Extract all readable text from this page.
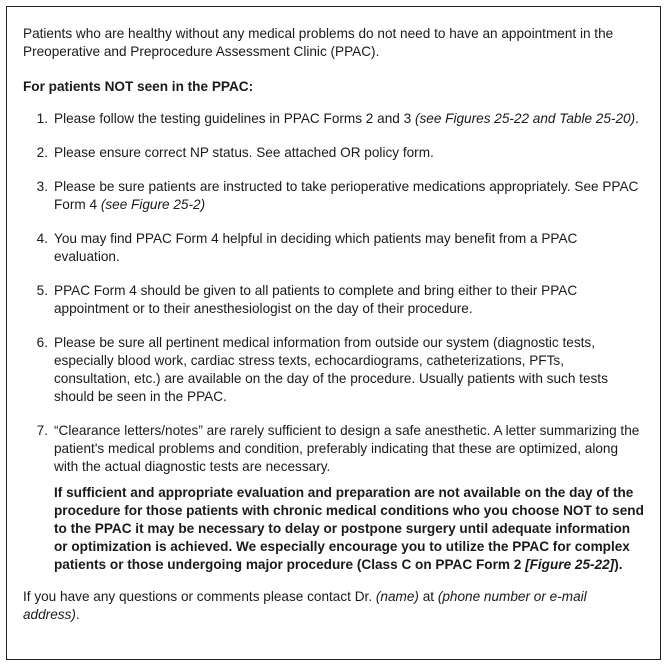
Patients who are healthy without any medical problems do not need to have an appointment in the Preoperative and Preprocedure Assessment Clinic (PPAC).

For patients NOT seen in the PPAC:

1. Please follow the testing guidelines in PPAC Forms 2 and 3 (see Figures 25-22 and Table 25-20).
2. Please ensure correct NP status. See attached OR policy form.
3. Please be sure patients are instructed to take perioperative medications appropriately. See PPAC Form 4 (see Figure 25-2)
4. You may find PPAC Form 4 helpful in deciding which patients may benefit from a PPAC evaluation.
5. PPAC Form 4 should be given to all patients to complete and bring either to their PPAC appointment or to their anesthesiologist on the day of their procedure.
6. Please be sure all pertinent medical information from outside our system (diagnostic tests, especially blood work, cardiac stress texts, echocardiograms, catheterizations, PFTs, consultation, etc.) are available on the day of the procedure. Usually patients with such tests should be seen in the PPAC.
7. “Clearance letters/notes” are rarely sufficient to design a safe anesthetic. A letter summarizing the patient's medical problems and condition, preferably indicating that these are optimized, along with the actual diagnostic tests are necessary.

If sufficient and appropriate evaluation and preparation are not available on the day of the procedure for those patients with chronic medical conditions who you choose NOT to send to the PPAC it may be necessary to delay or postpone surgery until adequate information or optimization is achieved. We especially encourage you to utilize the PPAC for complex patients or those undergoing major procedure (Class C on PPAC Form 2 [Figure 25-22]).

If you have any questions or comments please contact Dr. (name) at (phone number or e-mail address).
